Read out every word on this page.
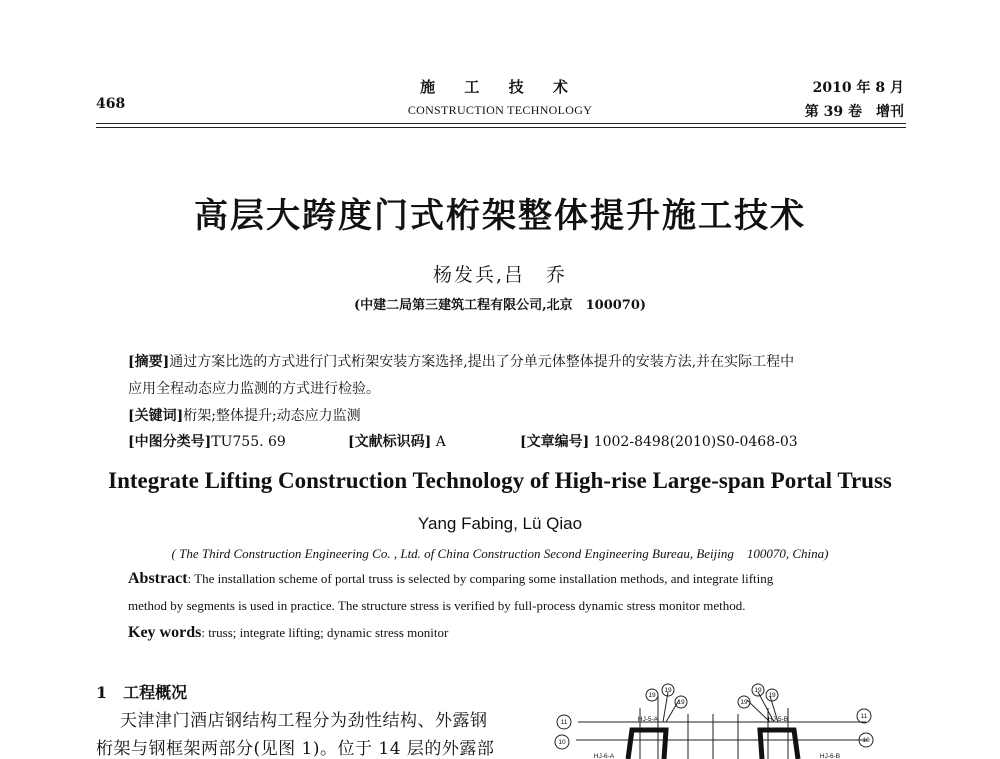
468
施 工 技 术
CONSTRUCTION TECHNOLOGY
2010 年 8 月
第 39 卷　增刊
高层大跨度门式桁架整体提升施工技术
杨发兵,吕　乔
(中建二局第三建筑工程有限公司,北京　100070)
[摘要]通过方案比选的方式进行门式桁架安装方案选择,提出了分单元体整体提升的安装方法,并在实际工程中
应用全程动态应力监测的方式进行检验。
[关键词]桁架;整体提升;动态应力监测
[中图分类号]TU755. 69	[文献标识码] A	[文章编号] 1002-8498(2010)S0-0468-03
Integrate Lifting Construction Technology of High-rise Large-span Portal Truss
Yang Fabing, Lü Qiao
( The Third Construction Engineering Co. , Ltd. of China Construction Second Engineering Bureau, Beijing　100070, China)
Abstract: The installation scheme of portal truss is selected by comparing some installation methods, and integrate lifting
method by segments is used in practice. The structure stress is verified by full-process dynamic stress monitor method.
Key words: truss; integrate lifting; dynamic stress monitor
1　工程概况
天津津门酒店钢结构工程分为劲性结构、外露钢
桁架与钢框架两部分(见图 1)。位于 14 层的外露部
19
19
19	19
19
19
11
10
11
10
HJ-5-A	HJ-5-B
HJ-6-A	HJ-6-B
